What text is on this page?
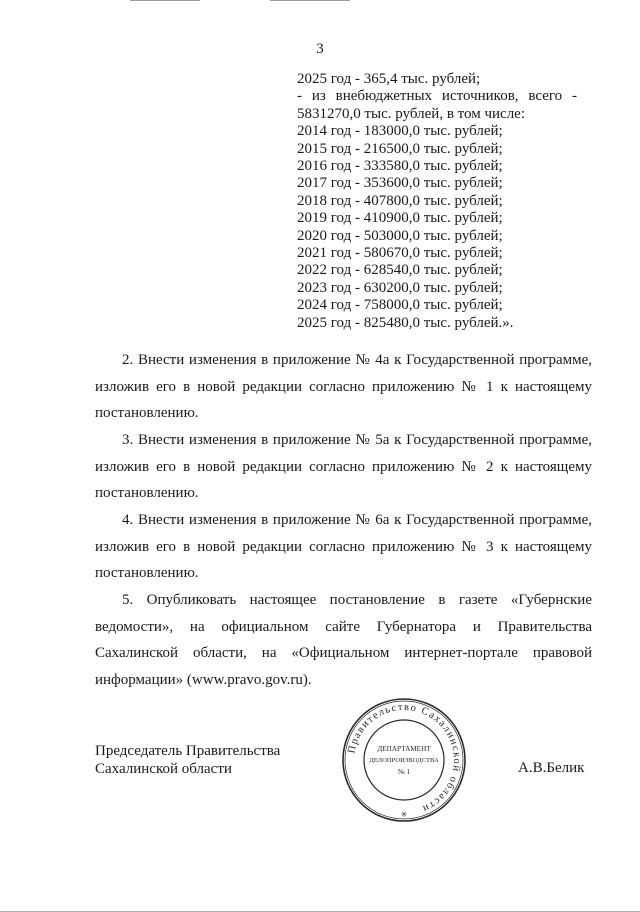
3
2025 год - 365,4 тыс. рублей;
- из внебюджетных источников, всего -
5831270,0 тыс. рублей, в том числе:
2014 год - 183000,0 тыс. рублей;
2015 год - 216500,0 тыс. рублей;
2016 год - 333580,0 тыс. рублей;
2017 год - 353600,0 тыс. рублей;
2018 год - 407800,0 тыс. рублей;
2019 год - 410900,0 тыс. рублей;
2020 год - 503000,0 тыс. рублей;
2021 год - 580670,0 тыс. рублей;
2022 год - 628540,0 тыс. рублей;
2023 год - 630200,0 тыс. рублей;
2024 год - 758000,0 тыс. рублей;
2025 год - 825480,0 тыс. рублей.».
2. Внести изменения в приложение № 4а к Государственной программе, изложив его в новой редакции согласно приложению № 1 к настоящему постановлению.
3. Внести изменения в приложение № 5а к Государственной программе, изложив его в новой редакции согласно приложению № 2 к настоящему постановлению.
4. Внести изменения в приложение № 6а к Государственной программе, изложив его в новой редакции согласно приложению № 3 к настоящему постановлению.
5. Опубликовать настоящее постановление в газете «Губернские ведомости», на официальном сайте Губернатора и Правительства Сахалинской области, на «Официальном интернет-портале правовой информации» (www.pravo.gov.ru).
Председатель Правительства
Сахалинской области
Правительство Сахалинской области
ДЕПАРТАМЕНТ
ДЕЛОПРОИЗВОДСТВА
№ 1
✳
А.В.Белик
